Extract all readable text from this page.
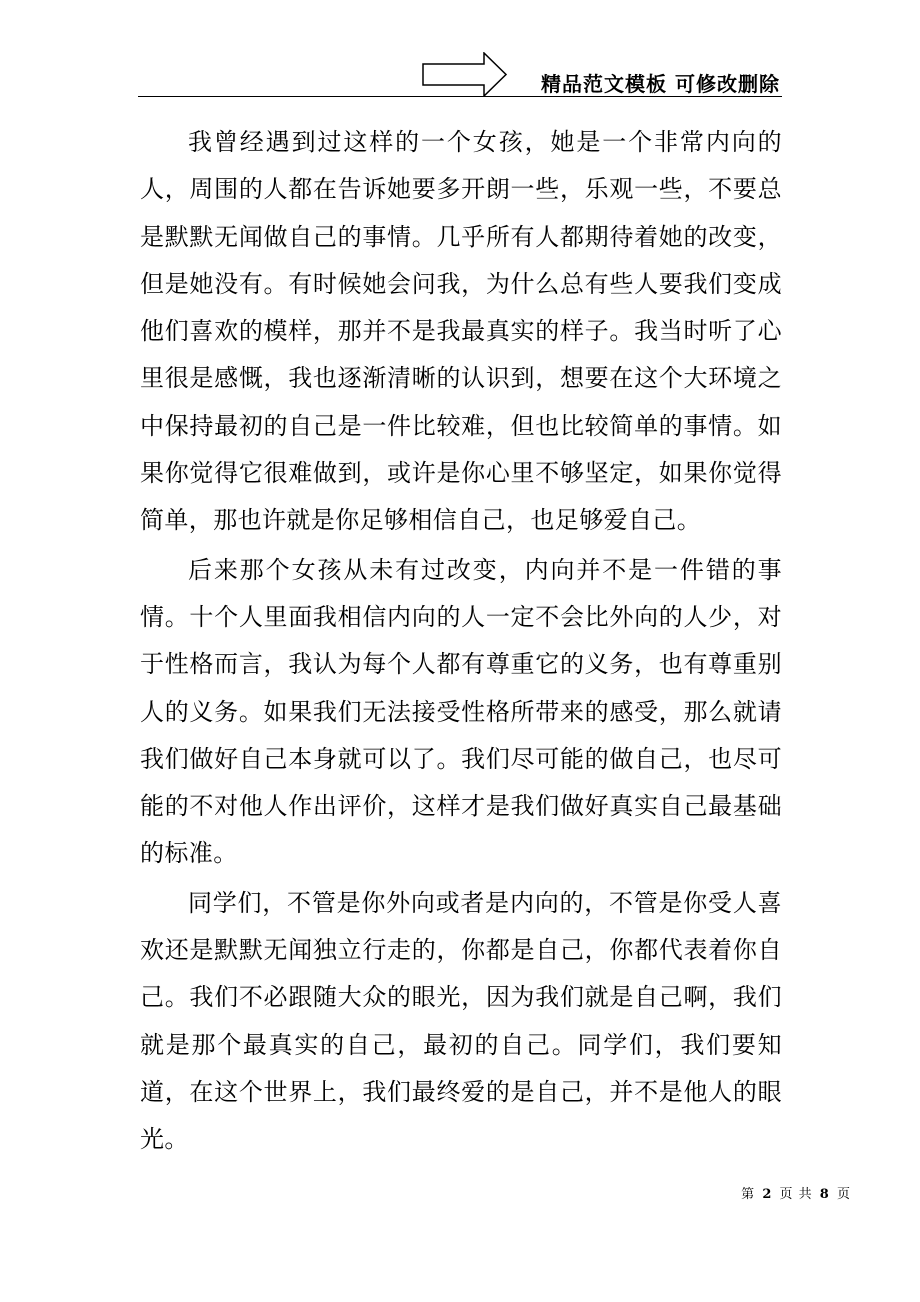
精品范文模板 可修改删除

我曾经遇到过这样的一个女孩，她是一个非常内向的人，周围的人都在告诉她要多开朗一些，乐观一些，不要总是默默无闻做自己的事情。几乎所有人都期待着她的改变，但是她没有。有时候她会问我，为什么总有些人要我们变成他们喜欢的模样，那并不是我最真实的样子。我当时听了心里很是感慨，我也逐渐清晰的认识到，想要在这个大环境之中保持最初的自己是一件比较难，但也比较简单的事情。如果你觉得它很难做到，或许是你心里不够坚定，如果你觉得简单，那也许就是你足够相信自己，也足够爱自己。

后来那个女孩从未有过改变，内向并不是一件错的事情。十个人里面我相信内向的人一定不会比外向的人少，对于性格而言，我认为每个人都有尊重它的义务，也有尊重别人的义务。如果我们无法接受性格所带来的感受，那么就请我们做好自己本身就可以了。我们尽可能的做自己，也尽可能的不对他人作出评价，这样才是我们做好真实自己最基础的标准。

同学们，不管是你外向或者是内向的，不管是你受人喜欢还是默默无闻独立行走的，你都是自己，你都代表着你自己。我们不必跟随大众的眼光，因为我们就是自己啊，我们就是那个最真实的自己，最初的自己。同学们，我们要知道，在这个世界上，我们最终爱的是自己，并不是他人的眼光。

第 2 页 共 8 页
